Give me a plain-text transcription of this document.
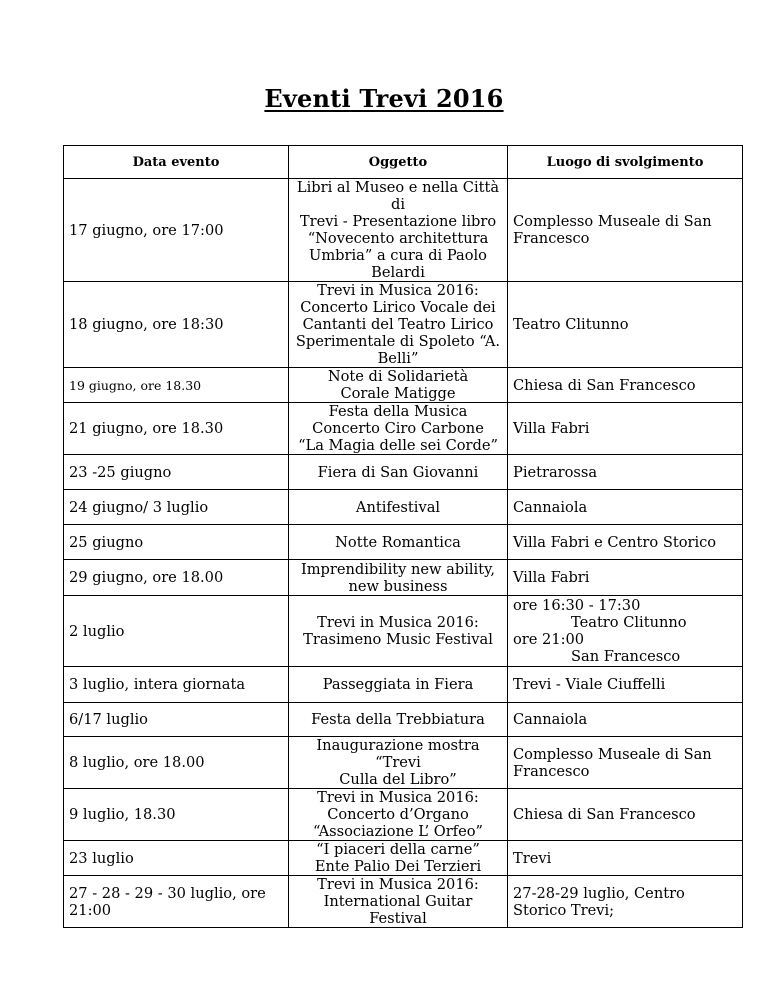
Eventi Trevi 2016
Data evento	Oggetto	Luogo di svolgimento
17 giugno, ore 17:00	Libri al Museo e nella Città di
Trevi - Presentazione libro
“Novecento architettura
Umbria” a cura di Paolo
Belardi	Complesso Museale di San
Francesco
18 giugno, ore 18:30	Trevi in Musica 2016:
Concerto Lirico Vocale dei
Cantanti del Teatro Lirico
Sperimentale di Spoleto “A.
Belli”	Teatro Clitunno
19 giugno, ore 18.30	Note di Solidarietà
Corale Matigge	Chiesa di San Francesco
21 giugno, ore 18.30	Festa della Musica
Concerto Ciro Carbone
“La Magia delle sei Corde”	Villa Fabri
23 -25 giugno	Fiera di San Giovanni	Pietrarossa
24 giugno/ 3 luglio	Antifestival	Cannaiola
25 giugno	Notte Romantica	Villa Fabri e Centro Storico
29 giugno, ore 18.00	Imprendibility new ability,
new business	Villa Fabri
2 luglio	Trevi in Musica 2016:
Trasimeno Music Festival	ore 16:30 - 17:30
Teatro Clitunno
ore 21:00
San Francesco
3 luglio, intera giornata	Passeggiata in Fiera	Trevi - Viale Ciuffelli
6/17 luglio	Festa della Trebbiatura	Cannaiola
8 luglio, ore 18.00	Inaugurazione mostra “Trevi
Culla del Libro”	Complesso Museale di San
Francesco
9 luglio, 18.30	Trevi in Musica 2016:
Concerto d’Organo
“Associazione L’ Orfeo”	Chiesa di San Francesco
23 luglio	“I piaceri della carne”
Ente Palio Dei Terzieri	Trevi
27 - 28 - 29 - 30 luglio, ore 21:00	Trevi in Musica 2016:
International Guitar Festival	27-28-29 luglio, Centro
Storico Trevi;
